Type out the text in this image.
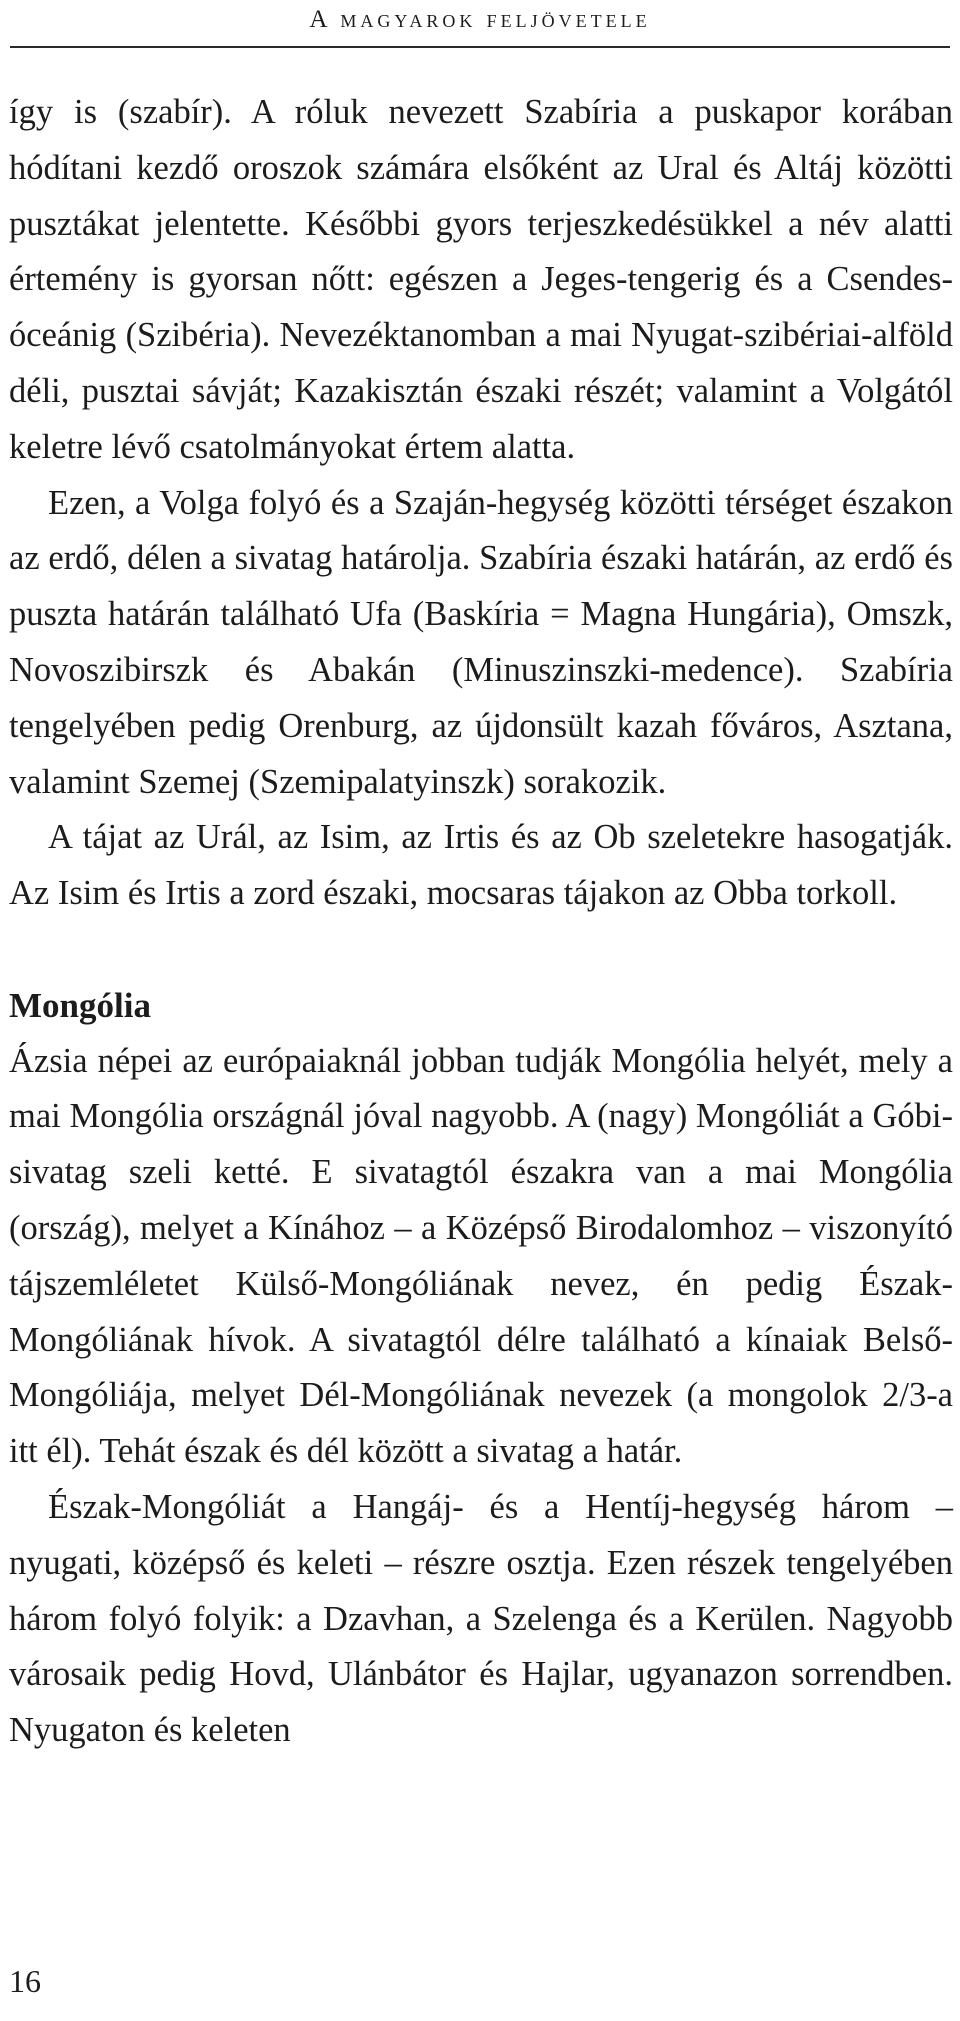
A magyarok feljövetele

így is (szabír). A róluk nevezett Szabíria a puskapor korában hódítani kezdő oroszok számára elsőként az Ural és Altáj közötti pusztákat jelentette. Későbbi gyors terjeszkedésükkel a név alatti értemény is gyorsan nőtt: egészen a Jeges-tengerig és a Csendes-óceánig (Szibéria). Nevezéktanomban a mai Nyugat-szibériai-alföld déli, pusztai sávját; Kazakisztán északi részét; valamint a Volgától keletre lévő csatolmányokat értem alatta.

Ezen, a Volga folyó és a Szaján-hegység közötti térséget északon az erdő, délen a sivatag határolja. Szabíria északi határán, az erdő és puszta határán található Ufa (Baskíria = Magna Hungária), Omszk, Novoszibirszk és Abakán (Minuszinszki-medence). Szabíria tengelyében pedig Orenburg, az újdonsült kazah főváros, Asztana, valamint Szemej (Szemipalatyinszk) sorakozik.

A tájat az Urál, az Isim, az Irtis és az Ob szeletekre hasogatják. Az Isim és Irtis a zord északi, mocsaras tájakon az Obba torkoll.

Mongólia

Ázsia népei az európaiaknál jobban tudják Mongólia helyét, mely a mai Mongólia országnál jóval nagyobb. A (nagy) Mongóliát a Góbi-sivatag szeli ketté. E sivatagtól északra van a mai Mongólia (ország), melyet a Kínához – a Középső Birodalomhoz – viszonyító tájszemléletet Külső-Mongóliának nevez, én pedig Észak-Mongóliának hívok. A sivatagtól délre található a kínaiak Belső-Mongóliája, melyet Dél-Mongóliának nevezek (a mongolok 2/3-a itt él). Tehát észak és dél között a sivatag a határ.

Észak-Mongóliát a Hangáj- és a Hentíj-hegység három – nyugati, középső és keleti – részre osztja. Ezen részek tengelyében három folyó folyik: a Dzavhan, a Szelenga és a Kerülen. Nagyobb városaik pedig Hovd, Ulánbátor és Hajlar, ugyanazon sorrendben. Nyugaton és keleten

16
